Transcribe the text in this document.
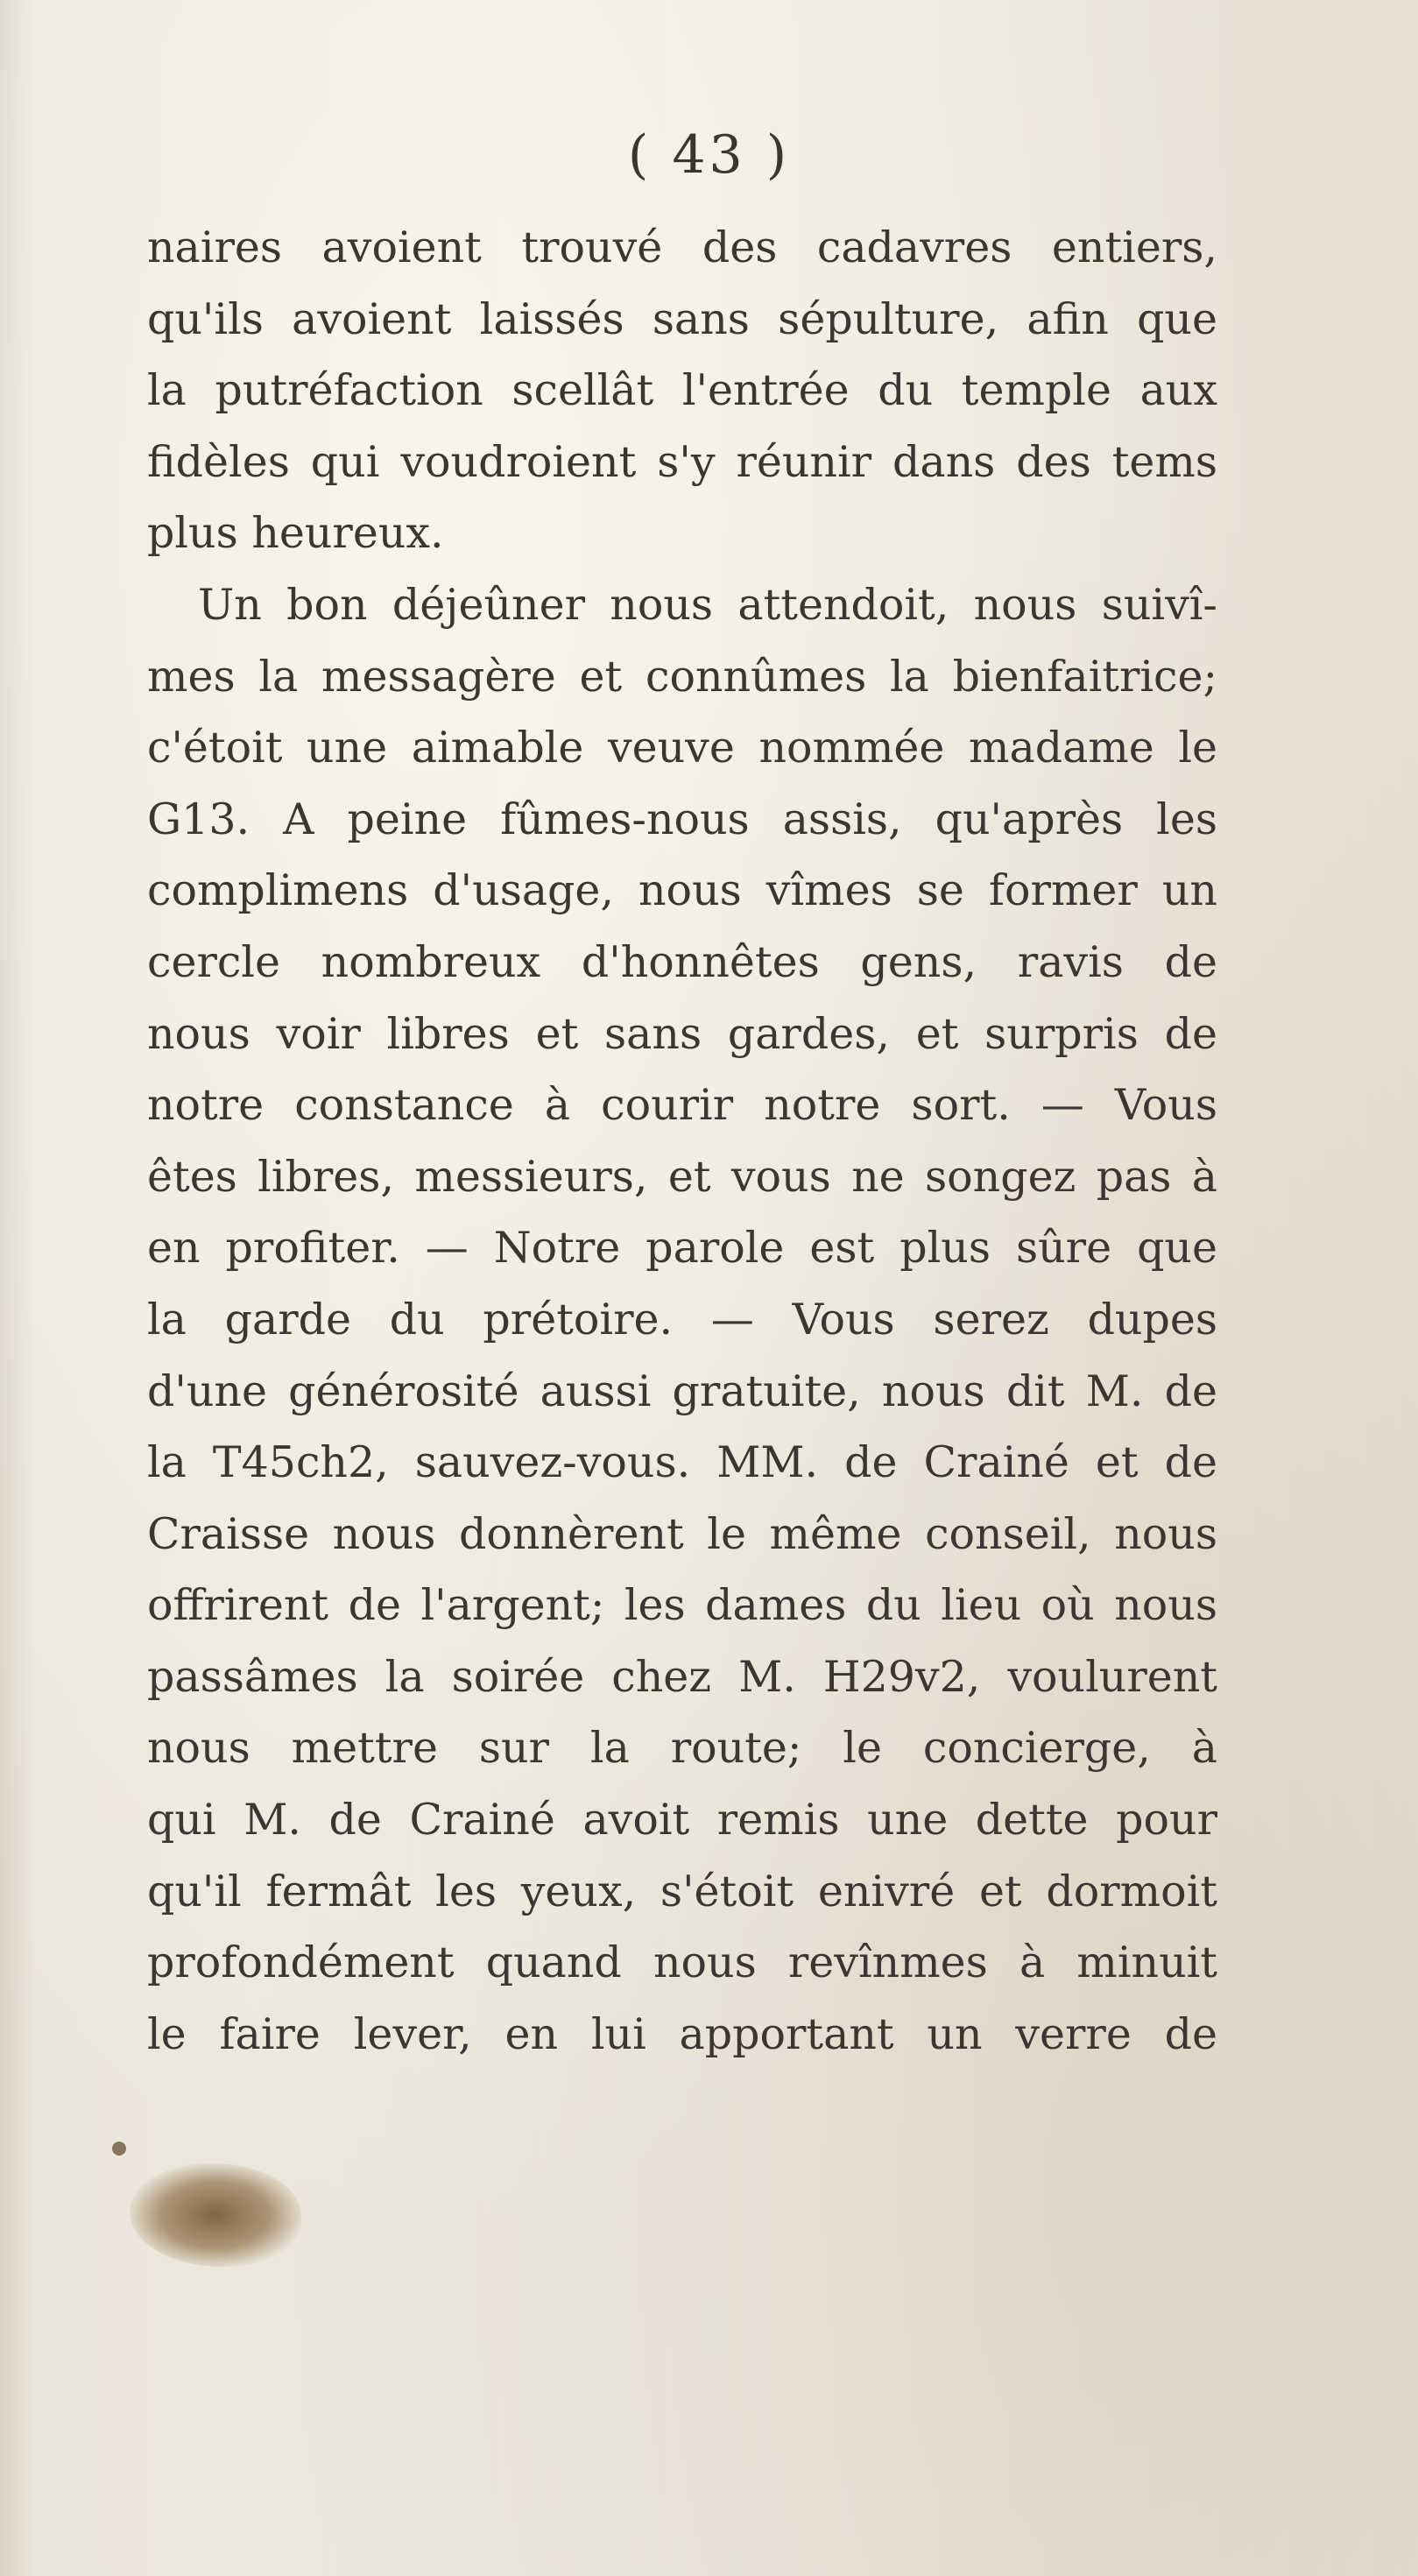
( 43 )
naires avoient trouvé des cadavres entiers,
qu'ils avoient laissés sans sépulture, afin que
la putréfaction scellât l'entrée du temple aux
fidèles qui voudroient s'y réunir dans des tems
plus heureux.
Un bon déjeûner nous attendoit, nous suivî-
mes la messagère et connûmes la bienfaitrice;
c'étoit une aimable veuve nommée madame le
G13. A peine fûmes-nous assis, qu'après les
complimens d'usage, nous vîmes se former un
cercle nombreux d'honnêtes gens, ravis de
nous voir libres et sans gardes, et surpris de
notre constance à courir notre sort. — Vous
êtes libres, messieurs, et vous ne songez pas à
en profiter. — Notre parole est plus sûre que
la garde du prétoire. — Vous serez dupes
d'une générosité aussi gratuite, nous dit M. de
la T45ch2, sauvez-vous. MM. de Crainé et de
Craisse nous donnèrent le même conseil, nous
offrirent de l'argent; les dames du lieu où nous
passâmes la soirée chez M. H29v2, voulurent
nous mettre sur la route; le concierge, à
qui M. de Crainé avoit remis une dette pour
qu'il fermât les yeux, s'étoit enivré et dormoit
profondément quand nous revînmes à minuit
le faire lever, en lui apportant un verre de
